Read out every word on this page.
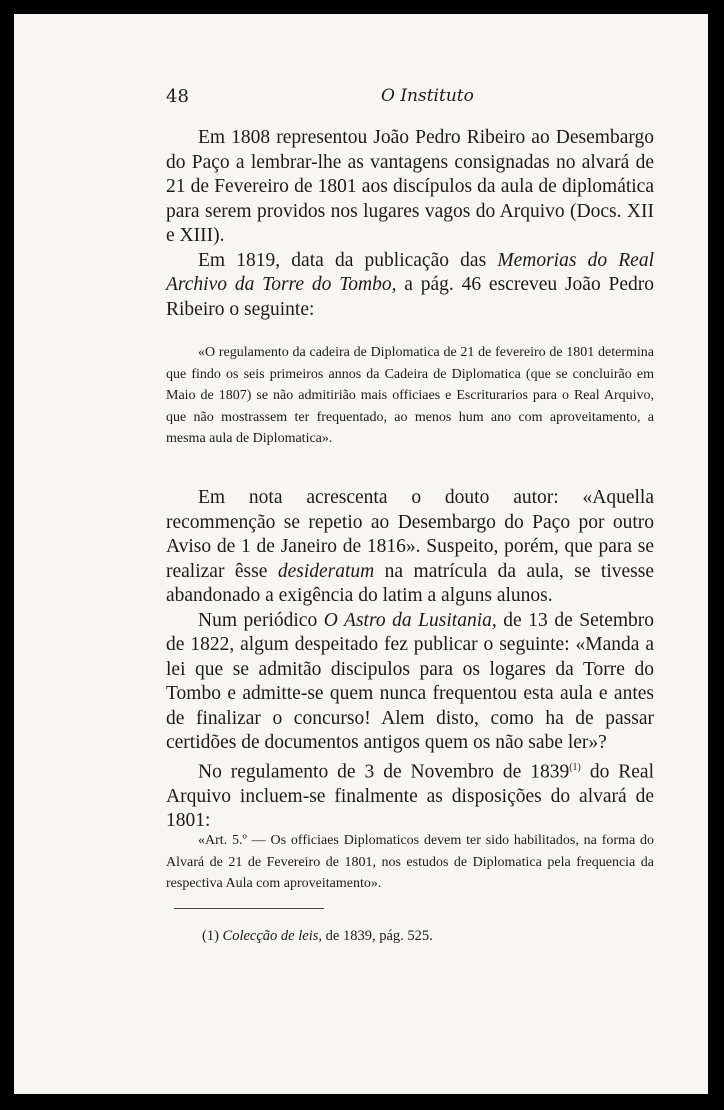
48	O Instituto

Em 1808 representou João Pedro Ribeiro ao Desembargo do Paço a lembrar-lhe as vantagens consignadas no alvará de 21 de Fevereiro de 1801 aos discípulos da aula de diplomática para serem providos nos lugares vagos do Arquivo (Docs. XII e XIII).

Em 1819, data da publicação das Memorias do Real Archivo da Torre do Tombo, a pág. 46 escreveu João Pedro Ribeiro o seguinte:

«O regulamento da cadeira de Diplomatica de 21 de fevereiro de 1801 determina que findo os seis primeiros annos da Cadeira de Diplomatica (que se concluirão em Maio de 1807) se não admitirião mais officiaes e Escriturarios para o Real Arquivo, que não mostrassem ter frequentado, ao menos hum ano com aproveitamento, a mesma aula de Diplomatica».

Em nota acrescenta o douto autor: «Aquella recommenção se repetio ao Desembargo do Paço por outro Aviso de 1 de Janeiro de 1816». Suspeito, porém, que para se realizar êsse desideratum na matrícula da aula, se tivesse abandonado a exigência do latim a alguns alunos.

Num periódico O Astro da Lusitania, de 13 de Setembro de 1822, algum despeitado fez publicar o seguinte: «Manda a lei que se admitão discipulos para os logares da Torre do Tombo e admitte-se quem nunca frequentou esta aula e antes de finalizar o concurso! Alem disto, como ha de passar certidões de documentos antigos quem os não sabe ler»?

No regulamento de 3 de Novembro de 1839$^{(1)}$ do Real Arquivo incluem-se finalmente as disposições do alvará de 1801:

«Art. 5.º — Os officiaes Diplomaticos devem ter sido habilitados, na forma do Alvará de 21 de Fevereiro de 1801, nos estudos de Diplomatica pela frequencia da respectiva Aula com aproveitamento».

(1) Colecção de leis, de 1839, pág. 525.
